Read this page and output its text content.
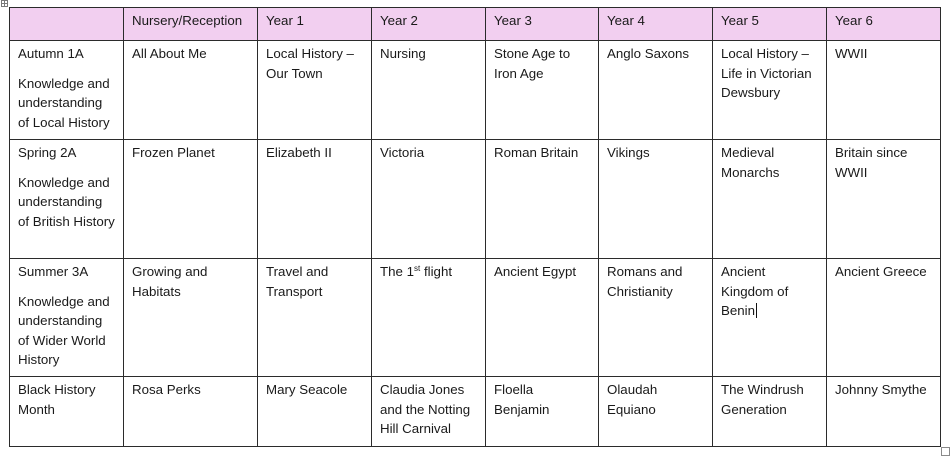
	Nursery/Reception	Year 1	Year 2	Year 3	Year 4	Year 5	Year 6

Autumn 1A
Knowledge and understanding of Local History	All About Me	Local History – Our Town	Nursing	Stone Age to Iron Age	Anglo Saxons	Local History – Life in Victorian Dewsbury	WWII

Spring 2A
Knowledge and understanding of British History	Frozen Planet	Elizabeth II	Victoria	Roman Britain	Vikings	Medieval Monarchs	Britain since WWII

Summer 3A
Knowledge and understanding of Wider World History	Growing and Habitats	Travel and Transport	The 1st flight	Ancient Egypt	Romans and Christianity	Ancient Kingdom of Benin	Ancient Greece

Black History Month	Rosa Perks	Mary Seacole	Claudia Jones and the Notting Hill Carnival	Floella Benjamin	Olaudah Equiano	The Windrush Generation	Johnny Smythe
